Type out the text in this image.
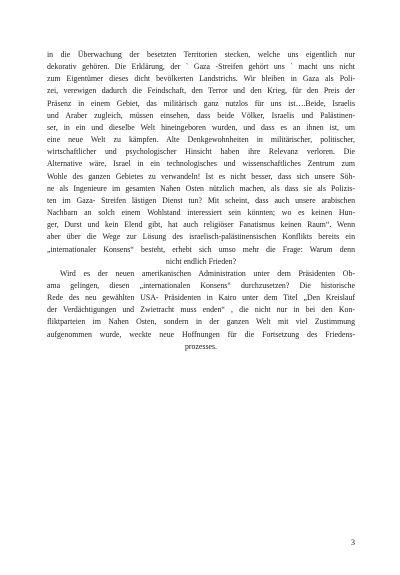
in die Überwachung der besetzten Territorien stecken, welche uns eigentlich nur
dekorativ gehören. Die Erklärung, der ` Gaza -Streifen gehört uns ` macht uns nicht
zum Eigentümer dieses dicht bevölkerten Landstrichs. Wir bleiben in Gaza als Poli-
zei, verewigen dadurch die Feindschaft, den Terror und den Krieg, für den Preis der
Präsenz in einem Gebiet, das militärisch ganz nutzlos für uns ist….Beide, Israelis
und Araber zugleich, müssen einsehen, dass beide Völker, Israelis und Palästinen-
ser, in ein und dieselbe Welt hineingeboren wurden, und dass es an ihnen ist, um
eine neue Welt zu kämpfen. Alte Denkgewohnheiten in militärischer, politischer,
wirtschaftlicher und psychologischer Hinsicht haben ihre Relevanz verloren. Die
Alternative wäre, Israel in ein technologisches und wissenschaftliches Zentrum zum
Wohle des ganzen Gebietes zu verwandeln! Ist es nicht besser, dass sich unsere Söh-
ne als Ingenieure im gesamten Nahen Osten nützlich machen, als dass sie als Polizis-
ten im Gaza- Streifen lästigen Dienst tun? Mit scheint, dass auch unsere arabischen
Nachbarn an solch einem Wohlstand interessiert sein könnten; wo es keinen Hun-
ger, Durst und kein Elend gibt, hat auch religiöser Fanatismus keinen Raum“. Wenn
aber über die Wege zur Lösung des israelisch-palästinensischen Konflikts bereits ein
„internationaler Konsens“ besteht, erhebt sich umso mehr die Frage: Warum denn
nicht endlich Frieden?

Wird es der neuen amerikanischen Administration unter dem Präsidenten Ob-
ama gelingen, diesen „internationalen Konsens“ durchzusetzen? Die historische
Rede des neu gewählten USA- Präsidenten in Kairo unter dem Titel „Den Kreislauf
der Verdächtigungen und Zwietracht muss enden“ , die nicht nur in bei den Kon-
fliktparteien im Nahen Osten, sondern in der ganzen Welt mit viel Zustimmung
aufgenommen wurde, weckte neue Hoffnungen für die Fortsetzung des Friedens-
prozesses.

3
